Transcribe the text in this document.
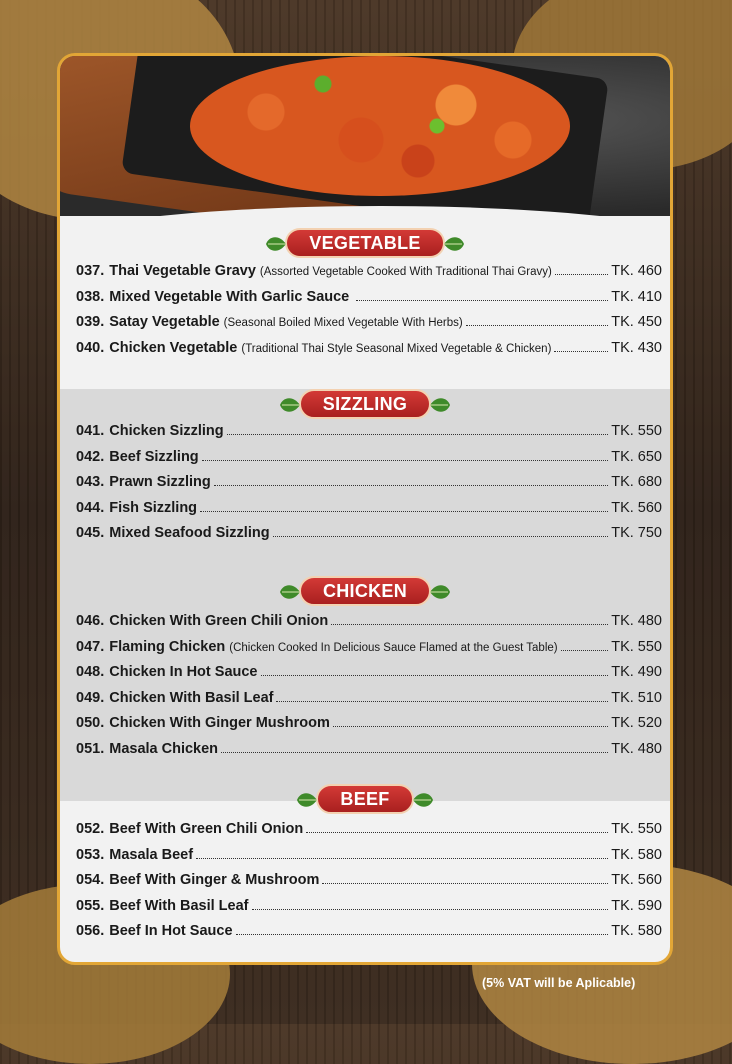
VEGETABLE
037. Thai Vegetable Gravy (Assorted Vegetable Cooked With Traditional Thai Gravy)	TK. 460
038. Mixed Vegetable With Garlic Sauce	TK. 410
039. Satay Vegetable (Seasonal Boiled Mixed Vegetable With Herbs)	TK. 450
040. Chicken Vegetable (Traditional Thai Style Seasonal Mixed Vegetable & Chicken)	TK. 430
SIZZLING
041. Chicken Sizzling	TK. 550
042. Beef Sizzling	TK. 650
043. Prawn Sizzling	TK. 680
044. Fish Sizzling	TK. 560
045. Mixed Seafood Sizzling	TK. 750
CHICKEN
046. Chicken With Green Chili Onion	TK. 480
047. Flaming Chicken (Chicken Cooked In Delicious Sauce Flamed at the Guest Table)	TK. 550
048. Chicken In Hot Sauce	TK. 490
049. Chicken With Basil Leaf	TK. 510
050. Chicken With Ginger Mushroom	TK. 520
051. Masala Chicken	TK. 480
BEEF
052. Beef With Green Chili Onion	TK. 550
053. Masala Beef	TK. 580
054. Beef With Ginger & Mushroom	TK. 560
055. Beef With Basil Leaf	TK. 590
056. Beef In Hot Sauce	TK. 580
(5% VAT will be Aplicable)
